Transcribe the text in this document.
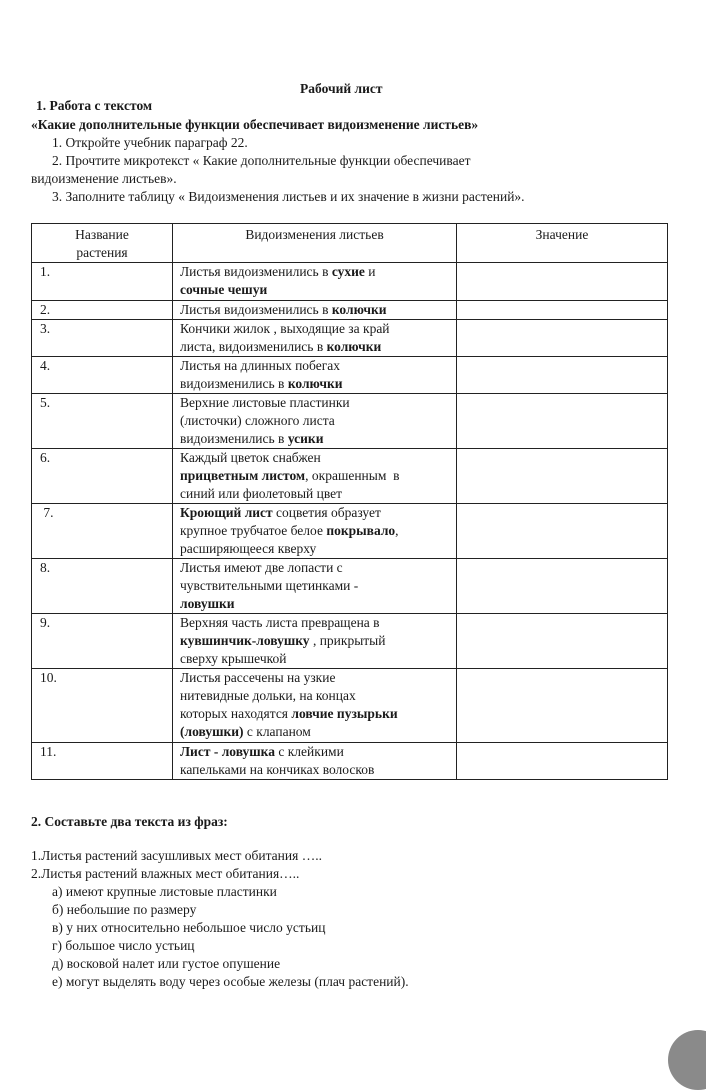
Рабочий лист
1. Работа с текстом
«Какие дополнительные функции обеспечивает видоизменение листьев»
1. Откройте учебник параграф 22.
2. Прочтите микротекст « Какие дополнительные функции обеспечивает
видоизменение листьев».
3. Заполните таблицу « Видоизменения листьев и их значение в жизни растений».
Название
растения	Видоизменения листьев	Значение
1.	Листья видоизменились в сухие и
сочные чешуи	

2.	Листья видоизменились в колючки	

3.	Кончики жилок , выходящие за край
листа, видоизменились в колючки	

4.	Листья на длинных побегах
видоизменились в колючки	

5.	Верхние листовые пластинки
(листочки) сложного листа
видоизменились в усики	

6.	Каждый цветок снабжен
прицветным листом, окрашенным  в
синий или фиолетовый цвет	

7.	Кроющий лист соцветия образует
крупное трубчатое белое покрывало,
расширяющееся кверху	

8.	Листья имеют две лопасти с
чувствительными щетинками -
ловушки	

9.	Верхняя часть листа превращена в
кувшинчик-ловушку , прикрытый
сверху крышечкой	

10.	Листья рассечены на узкие
нитевидные дольки, на концах
которых находятся ловчие пузырьки
(ловушки) с клапаном	

11.	Лист - ловушка с клейкими
капельками на кончиках волосков	

2. Составьте два текста из фраз:
1.Листья растений засушливых мест обитания …..
2.Листья растений влажных мест обитания…..
а) имеют крупные листовые пластинки
б) небольшие по размеру
в) у них относительно небольшое число устьиц
г) большое число устьиц
д) восковой налет или густое опушение
е) могут выделять воду через особые железы (плач растений).
